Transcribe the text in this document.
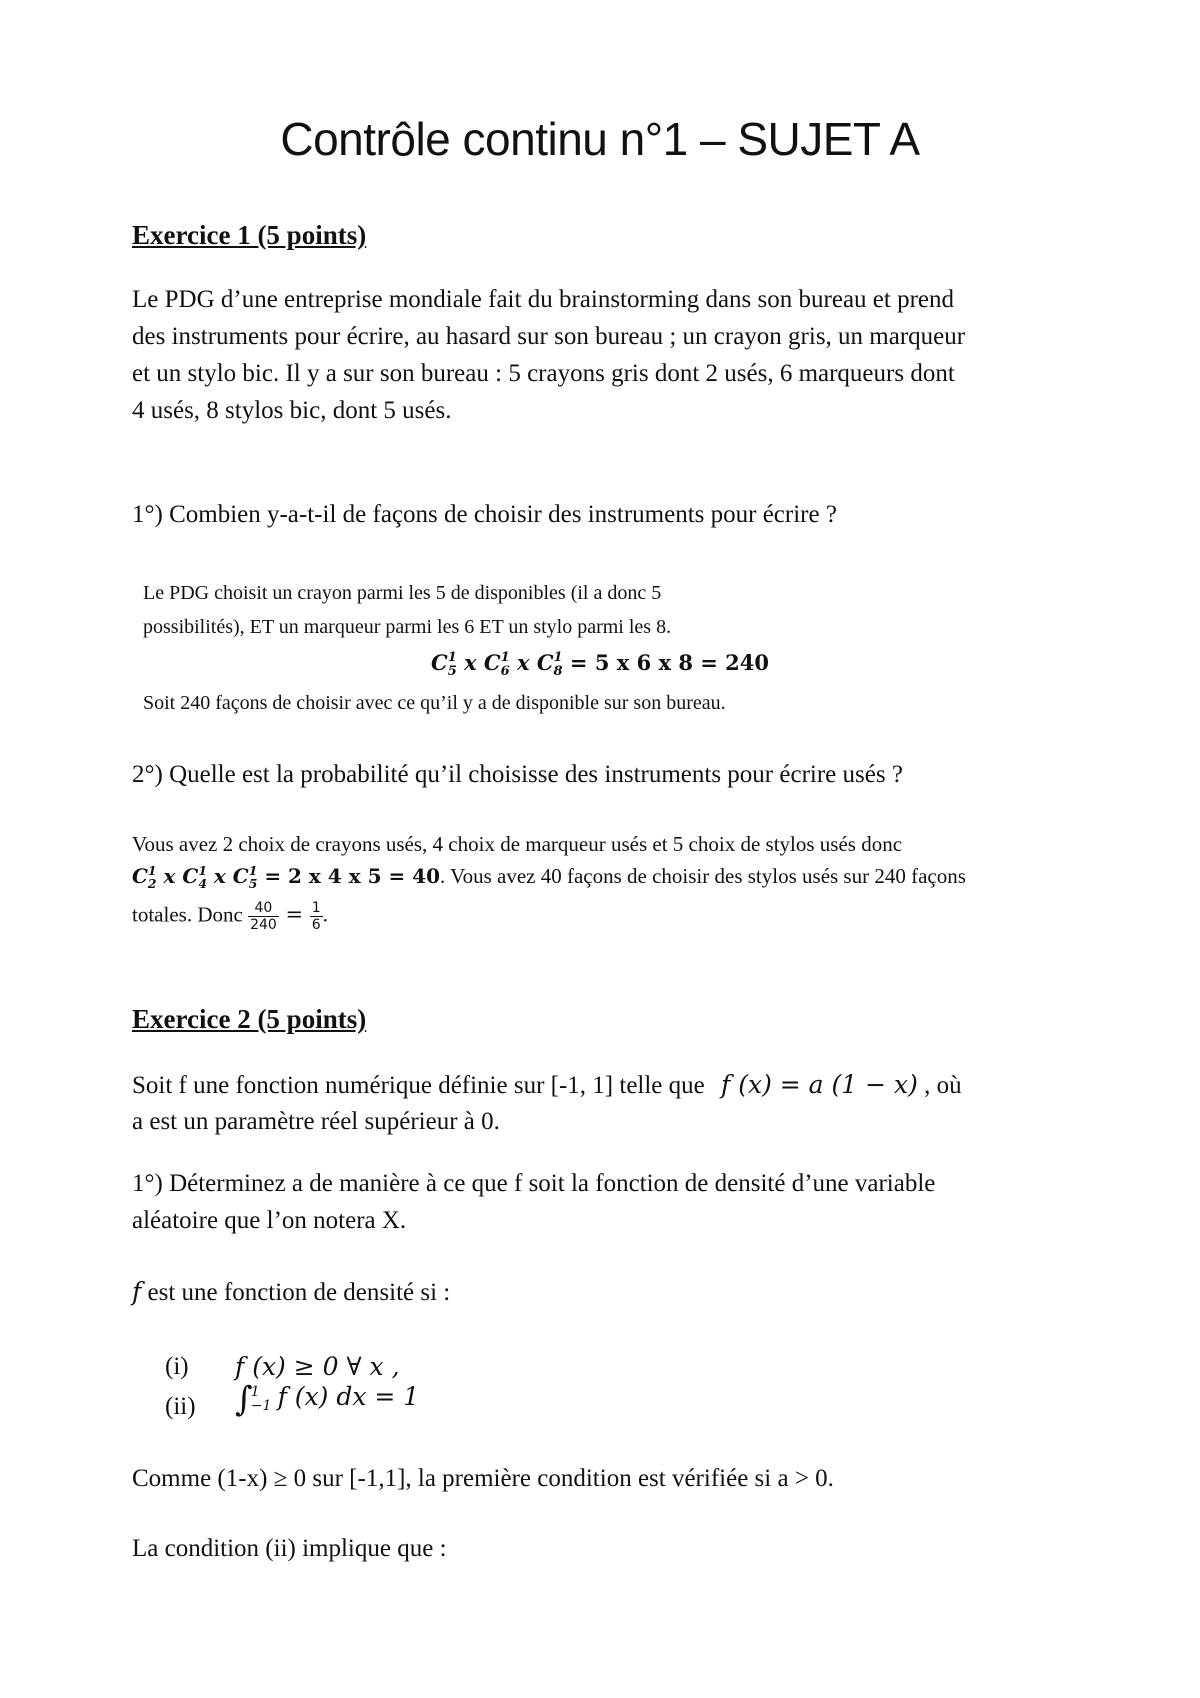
Contrôle continu n°1 – SUJET A
Exercice 1 (5 points)
Le PDG d’une entreprise mondiale fait du brainstorming dans son bureau et prend
des instruments pour écrire, au hasard sur son bureau ; un crayon gris, un marqueur
et un stylo bic. Il y a sur son bureau : 5 crayons gris dont 2 usés, 6 marqueurs dont
4 usés, 8 stylos bic, dont 5 usés.
1°) Combien y-a-t-il de façons de choisir des instruments pour écrire ?
Le PDG choisit un crayon parmi les 5 de disponibles (il a donc 5
possibilités), ET un marqueur parmi les 6 ET un stylo parmi les 8.
C 1
5 x C 1
6 x C 1
8 = 5 x 6 x 8 = 240
Soit 240 façons de choisir avec ce qu’il y a de disponible sur son bureau.
2°) Quelle est la probabilité qu’il choisisse des instruments pour écrire usés ?
Vous avez 2 choix de crayons usés, 4 choix de marqueur usés et 5 choix de stylos usés donc
C 1
2 x C 1
4 x C 1
5 = 2 x 4 x 5 = 40. Vous avez 40 façons de choisir des stylos usés sur 240 façons
totales. Donc $\frac{40}{240} = \frac{1}{6}$ .
Exercice 2 (5 points)
Soit f une fonction numérique définie sur [-1, 1] telle que f (x) = a (1 − x) , où
a est un paramètre réel supérieur à 0.
1°) Déterminez a de manière à ce que f soit la fonction de densité d’une variable
aléatoire que l’on notera X.
f est une fonction de densité si :
(i) f (x) ≥ 0 ∀ x ,
(ii) ∫
1
−1 f (x) dx = 1
Comme (1-x) ≥ 0 sur [-1,1], la première condition est vérifiée si a > 0.
La condition (ii) implique que :
